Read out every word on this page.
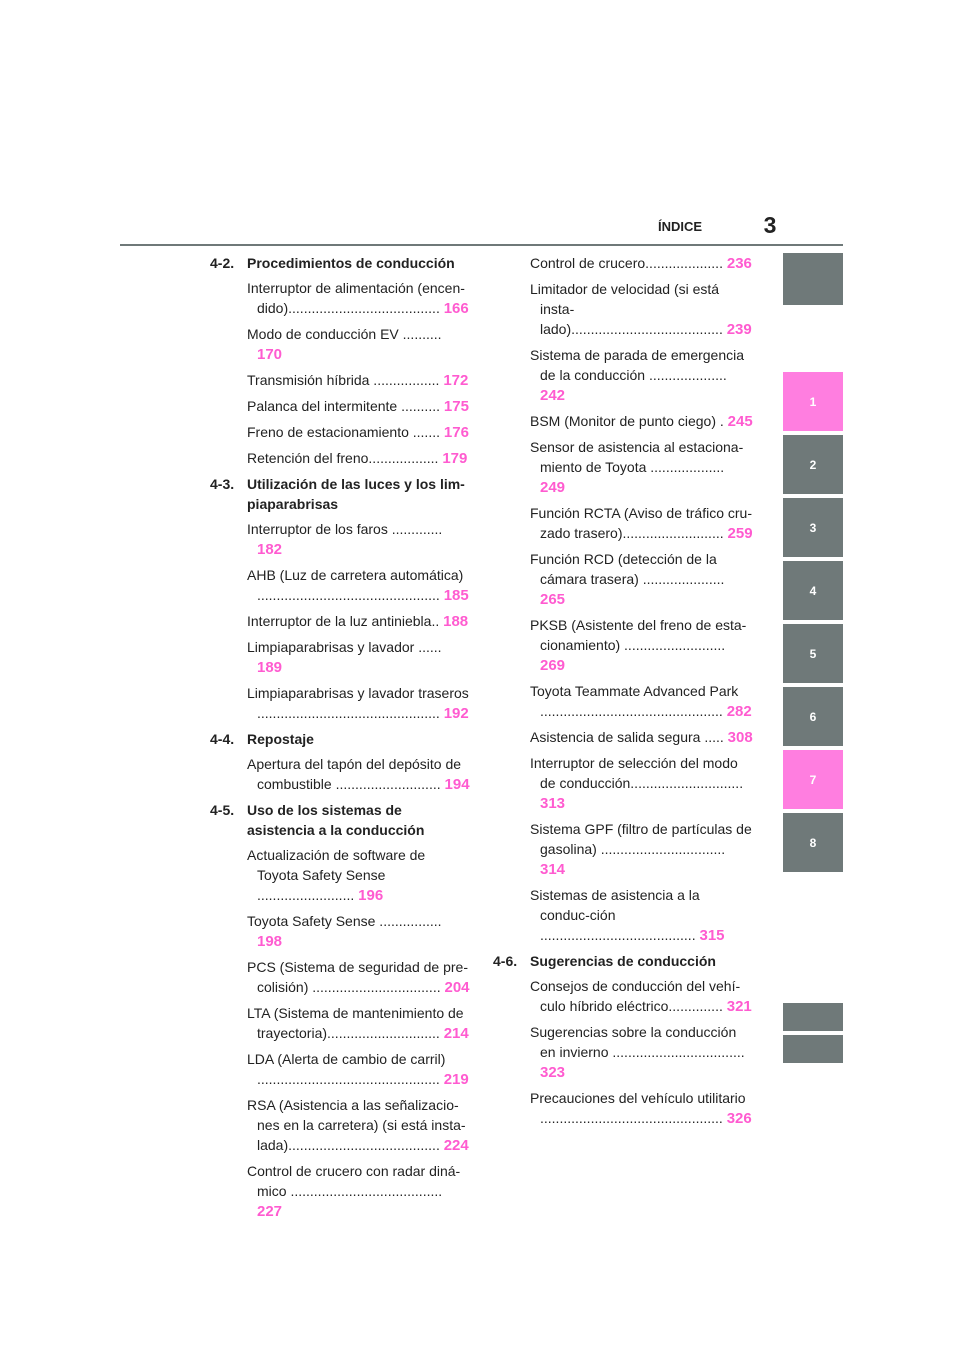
ÍNDICE	3
1
2
3
4
5
6
7
8
4-2. Procedimientos de conducción
Interruptor de alimentación (encen-dido)....................................... 166
Modo de conducción EV .......... 170
Transmisión híbrida ................. 172
Palanca del intermitente .......... 175
Freno de estacionamiento ....... 176
Retención del freno.................. 179
4-3. Utilización de las luces y los lim-piaparabrisas
Interruptor de los faros ............. 182
AHB (Luz de carretera automática) ............................................... 185
Interruptor de la luz antiniebla.. 188
Limpiaparabrisas y lavador ...... 189
Limpiaparabrisas y lavador traseros ............................................... 192
4-4. Repostaje
Apertura del tapón del depósito de combustible ........................... 194
4-5. Uso de los sistemas de asistencia a la conducción
Actualización de software de Toyota Safety Sense ......................... 196
Toyota Safety Sense ................ 198
PCS (Sistema de seguridad de pre-colisión) ................................. 204
LTA (Sistema de mantenimiento de trayectoria)............................. 214
LDA (Alerta de cambio de carril) ............................................... 219
RSA (Asistencia a las señalizacio-nes en la carretera) (si está insta-lada)....................................... 224
Control de crucero con radar diná-mico ....................................... 227
Control de crucero.................... 236
Limitador de velocidad (si está insta-lado)....................................... 239
Sistema de parada de emergencia de la conducción .................... 242
BSM (Monitor de punto ciego) . 245
Sensor de asistencia al estaciona-miento de Toyota ................... 249
Función RCTA (Aviso de tráfico cru-zado trasero).......................... 259
Función RCD (detección de la cámara trasera) ..................... 265
PKSB (Asistente del freno de esta-cionamiento) .......................... 269
Toyota Teammate Advanced Park ............................................... 282
Asistencia de salida segura ..... 308
Interruptor de selección del modo de conducción............................. 313
Sistema GPF (filtro de partículas de gasolina) ................................ 314
Sistemas de asistencia a la conduc-ción ........................................ 315
4-6. Sugerencias de conducción
Consejos de conducción del vehí-culo híbrido eléctrico.............. 321
Sugerencias sobre la conducción en invierno .................................. 323
Precauciones del vehículo utilitario ............................................... 326
